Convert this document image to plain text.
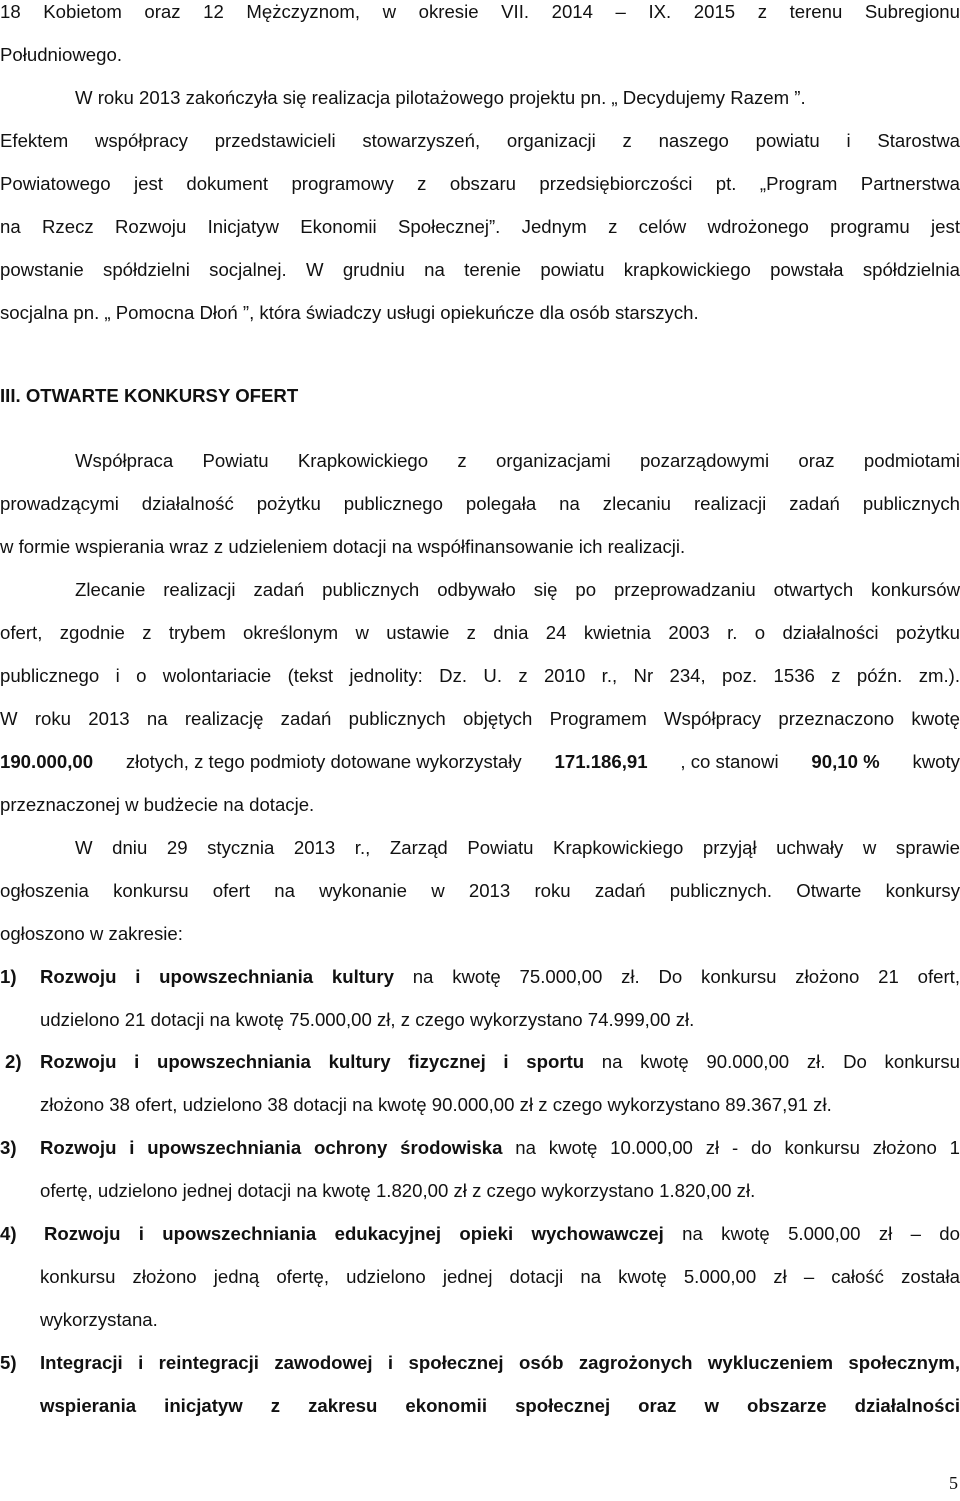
18 Kobietom oraz 12 Mężczyznom, w okresie VII. 2014 – IX. 2015 z terenu Subregionu
Południowego.
W roku 2013 zakończyła się realizacja pilotażowego projektu pn. „ Decydujemy Razem ”.
Efektem współpracy przedstawicieli stowarzyszeń, organizacji z naszego powiatu i Starostwa
Powiatowego jest dokument programowy z obszaru przedsiębiorczości pt. „Program Partnerstwa
na Rzecz Rozwoju Inicjatyw Ekonomii Społecznej”. Jednym z celów wdrożonego programu jest
powstanie spółdzielni socjalnej. W grudniu na terenie powiatu krapkowickiego powstała spółdzielnia
socjalna pn. „ Pomocna Dłoń ”, która świadczy usługi opiekuńcze dla osób starszych.
III. OTWARTE KONKURSY OFERT
Współpraca Powiatu Krapkowickiego z organizacjami pozarządowymi oraz podmiotami
prowadzącymi działalność pożytku publicznego polegała na zlecaniu realizacji zadań publicznych
w formie wspierania wraz z udzieleniem dotacji na współfinansowanie ich realizacji.
Zlecanie realizacji zadań publicznych odbywało się po przeprowadzaniu otwartych konkursów
ofert, zgodnie z trybem określonym w ustawie z dnia 24 kwietnia 2003 r. o działalności pożytku
publicznego i o wolontariacie (tekst jednolity: Dz. U. z 2010 r., Nr 234, poz. 1536 z późn. zm.).
W roku 2013 na realizację zadań publicznych objętych Programem Współpracy przeznaczono kwotę
190.000,00 złotych, z tego podmioty dotowane wykorzystały 171.186,91 , co stanowi 90,10 % kwoty
przeznaczonej w budżecie na dotacje.
W dniu 29 stycznia 2013 r., Zarząd Powiatu Krapkowickiego przyjął uchwały w sprawie
ogłoszenia konkursu ofert na wykonanie w 2013 roku zadań publicznych. Otwarte konkursy
ogłoszono w zakresie:
1) Rozwoju i upowszechniania kultury na kwotę 75.000,00 zł. Do konkursu złożono 21 ofert,
udzielono 21 dotacji na kwotę 75.000,00 zł, z czego wykorzystano 74.999,00 zł.
2) Rozwoju i upowszechniania kultury fizycznej i sportu na kwotę 90.000,00 zł. Do konkursu
złożono 38 ofert, udzielono 38 dotacji na kwotę 90.000,00 zł z czego wykorzystano 89.367,91 zł.
3) Rozwoju i upowszechniania ochrony środowiska na kwotę 10.000,00 zł - do konkursu złożono 1
ofertę, udzielono jednej dotacji na kwotę 1.820,00 zł z czego wykorzystano 1.820,00 zł.
4) Rozwoju i upowszechniania edukacyjnej opieki wychowawczej na kwotę 5.000,00 zł – do
konkursu złożono jedną ofertę, udzielono jednej dotacji na kwotę 5.000,00 zł – całość została
wykorzystana.
5) Integracji i reintegracji zawodowej i społecznej osób zagrożonych wykluczeniem społecznym,
wspierania inicjatyw z zakresu ekonomii społecznej oraz w obszarze działalności
5
